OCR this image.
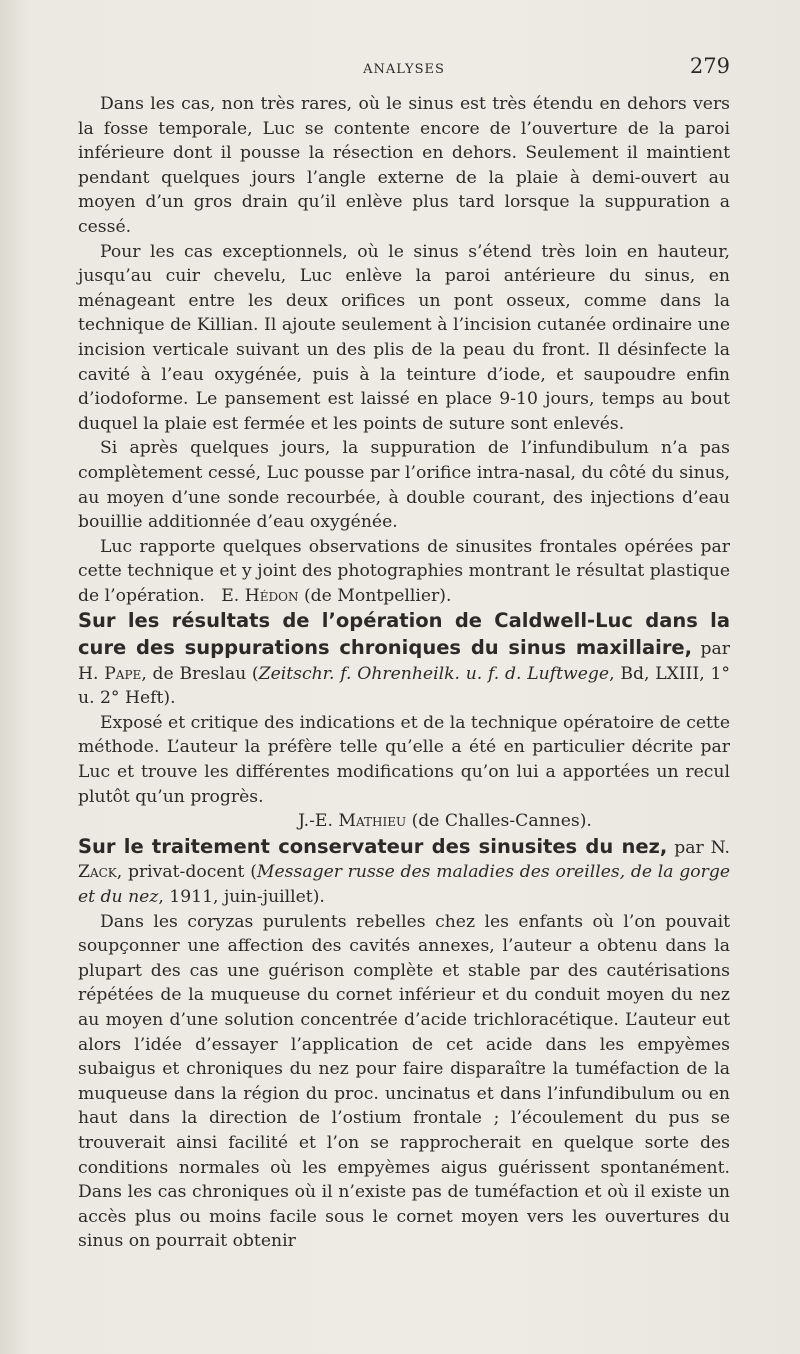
ANALYSES	279

Dans les cas, non très rares, où le sinus est très étendu en dehors vers la fosse temporale, Luc se contente encore de l’ouverture de la paroi inférieure dont il pousse la résection en dehors. Seulement il maintient pendant quelques jours l’angle externe de la plaie à demi-ouvert au moyen d’un gros drain qu’il enlève plus tard lorsque la suppuration a cessé.

Pour les cas exceptionnels, où le sinus s’étend très loin en hauteur, jusqu’au cuir chevelu, Luc enlève la paroi antérieure du sinus, en ménageant entre les deux orifices un pont osseux, comme dans la technique de Killian. Il ajoute seulement à l’incision cutanée ordinaire une incision verticale suivant un des plis de la peau du front. Il désinfecte la cavité à l’eau oxygénée, puis à la teinture d’iode, et saupoudre enfin d’iodoforme. Le pansement est laissé en place 9-10 jours, temps au bout duquel la plaie est fermée et les points de suture sont enlevés.

Si après quelques jours, la suppuration de l’infundibulum n’a pas complètement cessé, Luc pousse par l’orifice intra-nasal, du côté du sinus, au moyen d’une sonde recourbée, à double courant, des injections d’eau bouillie additionnée d’eau oxygénée.

Luc rapporte quelques observations de sinusites frontales opérées par cette technique et y joint des photographies montrant le résultat plastique de l’opération. E. Hédon (de Montpellier).

Sur les résultats de l’opération de Caldwell-Luc dans la cure des suppurations chroniques du sinus maxillaire, par H. Pape, de Breslau (Zeitschr. f. Ohrenheilk. u. f. d. Luftwege, Bd, LXIII, 1° u. 2° Heft).

Exposé et critique des indications et de la technique opératoire de cette méthode. L’auteur la préfère telle qu’elle a été en particulier décrite par Luc et trouve les différentes modifications qu’on lui a apportées un recul plutôt qu’un progrès.

J.-E. Mathieu (de Challes-Cannes).

Sur le traitement conservateur des sinusites du nez, par N. Zack, privat-docent (Messager russe des maladies des oreilles, de la gorge et du nez, 1911, juin-juillet).

Dans les coryzas purulents rebelles chez les enfants où l’on pouvait soupçonner une affection des cavités annexes, l’auteur a obtenu dans la plupart des cas une guérison complète et stable par des cautérisations répétées de la muqueuse du cornet inférieur et du conduit moyen du nez au moyen d’une solution concentrée d’acide trichloracétique. L’auteur eut alors l’idée d’essayer l’application de cet acide dans les empyèmes subaigus et chroniques du nez pour faire disparaître la tuméfaction de la muqueuse dans la région du proc. uncinatus et dans l’infundibulum ou en haut dans la direction de l’ostium frontale ; l’écoulement du pus se trouverait ainsi facilité et l’on se rapprocherait en quelque sorte des conditions normales où les empyèmes aigus guérissent spontanément. Dans les cas chroniques où il n’existe pas de tuméfaction et où il existe un accès plus ou moins facile sous le cornet moyen vers les ouvertures du sinus on pourrait obtenir
